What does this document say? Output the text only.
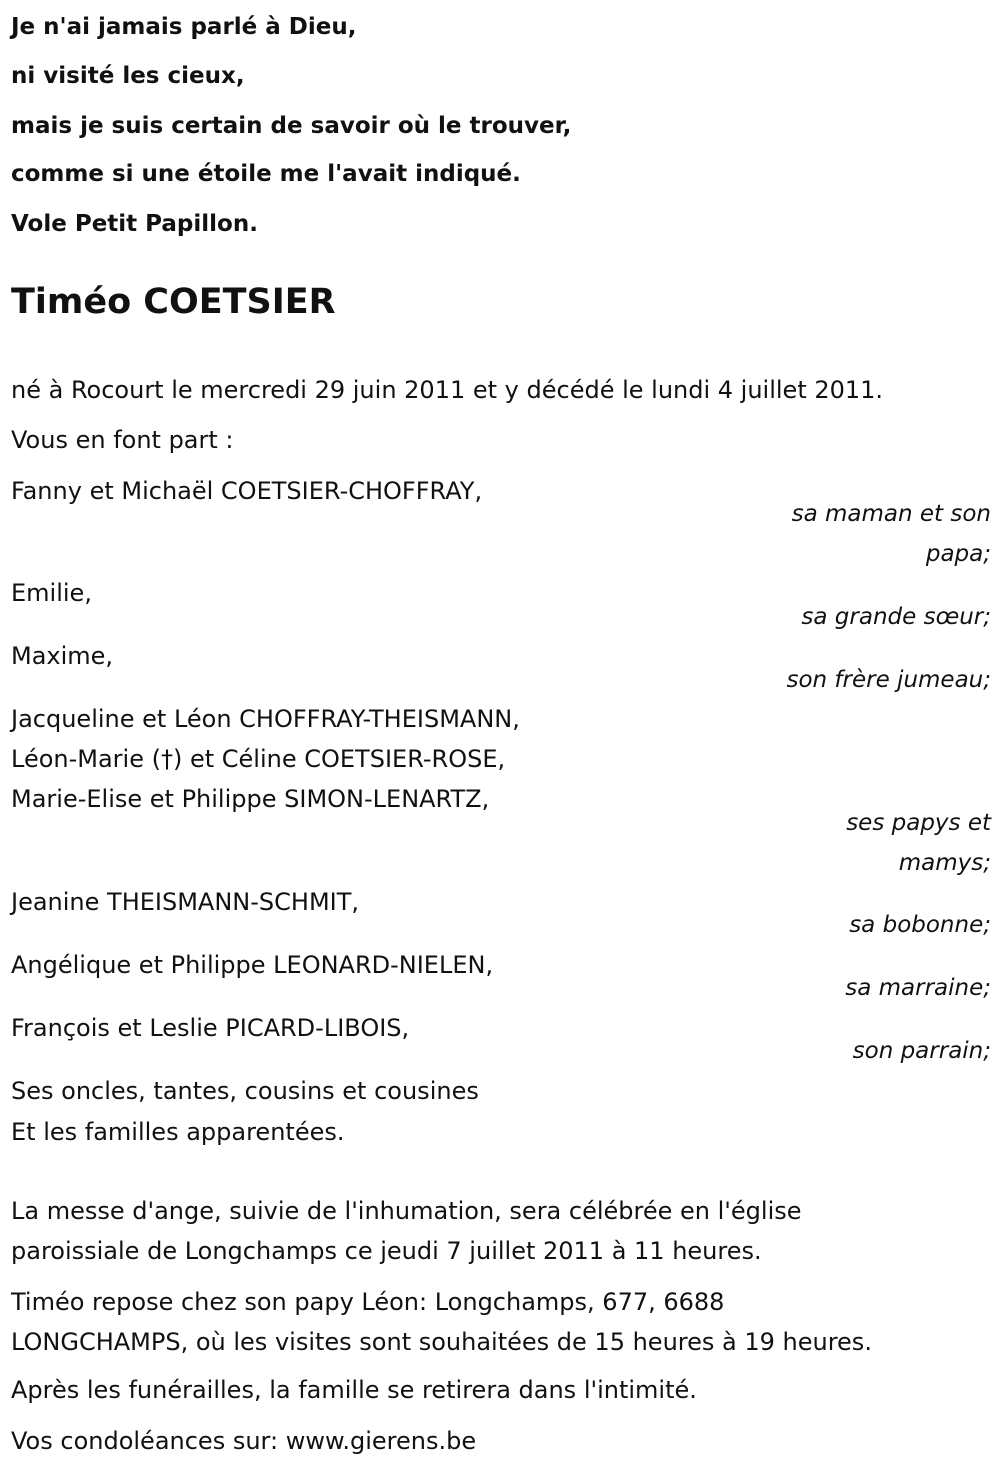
Je n'ai jamais parlé à Dieu,
ni visité les cieux,
mais je suis certain de savoir où le trouver,
comme si une étoile me l'avait indiqué.
Vole Petit Papillon.
Timéo COETSIER
né à Rocourt le mercredi 29 juin 2011 et y décédé le lundi 4 juillet 2011.
Vous en font part :
Fanny et Michaël COETSIER-CHOFFRAY,
sa maman et son
papa;
Emilie,
sa grande sœur;
Maxime,
son frère jumeau;
Jacqueline et Léon CHOFFRAY-THEISMANN,
Léon-Marie (†) et Céline COETSIER-ROSE,
Marie-Elise et Philippe SIMON-LENARTZ,
ses papys et
mamys;
Jeanine THEISMANN-SCHMIT,
sa bobonne;
Angélique et Philippe LEONARD-NIELEN,
sa marraine;
François et Leslie PICARD-LIBOIS,
son parrain;
Ses oncles, tantes, cousins et cousines
Et les familles apparentées.
La messe d'ange, suivie de l'inhumation, sera célébrée en l'église
paroissiale de Longchamps ce jeudi 7 juillet 2011 à 11 heures.
Timéo repose chez son papy Léon: Longchamps, 677, 6688
LONGCHAMPS, où les visites sont souhaitées de 15 heures à 19 heures.
Après les funérailles, la famille se retirera dans l'intimité.
Vos condoléances sur: www.gierens.be
